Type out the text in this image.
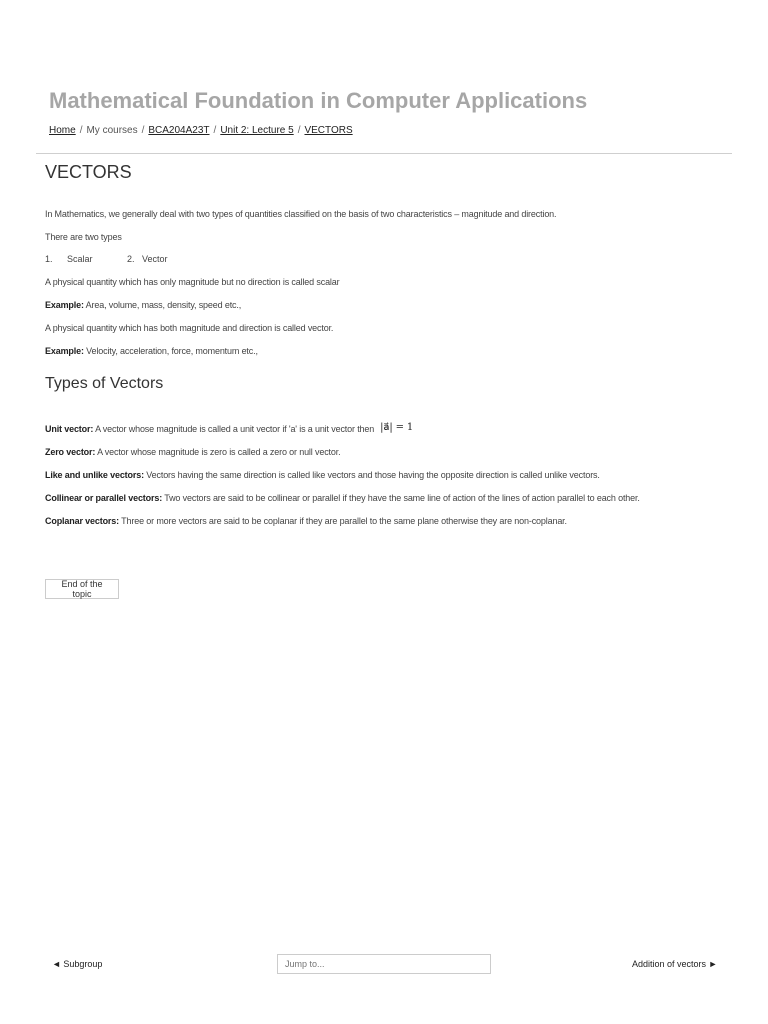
Mathematical Foundation in Computer Applications
Home / My courses / BCA204A23T / Unit 2: Lecture 5 / VECTORS
VECTORS

In Mathematics, we generally deal with two types of quantities classified on the basis of two characteristics – magnitude and direction.

There are two types

1. Scalar	2. Vector

A physical quantity which has only magnitude but no direction is called scalar

Example: Area, volume, mass, density, speed etc.,

A physical quantity which has both magnitude and direction is called vector.

Example: Velocity, acceleration, force, momentum etc.,

Types of Vectors

Unit vector: A vector whose magnitude is called a unit vector if 'a' is a unit vector then |a⃗| = 1

Zero vector: A vector whose magnitude is zero is called a zero or null vector.

Like and unlike vectors: Vectors having the same direction is called like vectors and those having the opposite direction is called unlike vectors.

Collinear or parallel vectors: Two vectors are said to be collinear or parallel if they have the same line of action of the lines of action parallel to each other.

Coplanar vectors: Three or more vectors are said to be coplanar if they are parallel to the same plane otherwise they are non-coplanar.

End of the topic
◄ Subgroup
Jump to...	Addition of vectors ►
